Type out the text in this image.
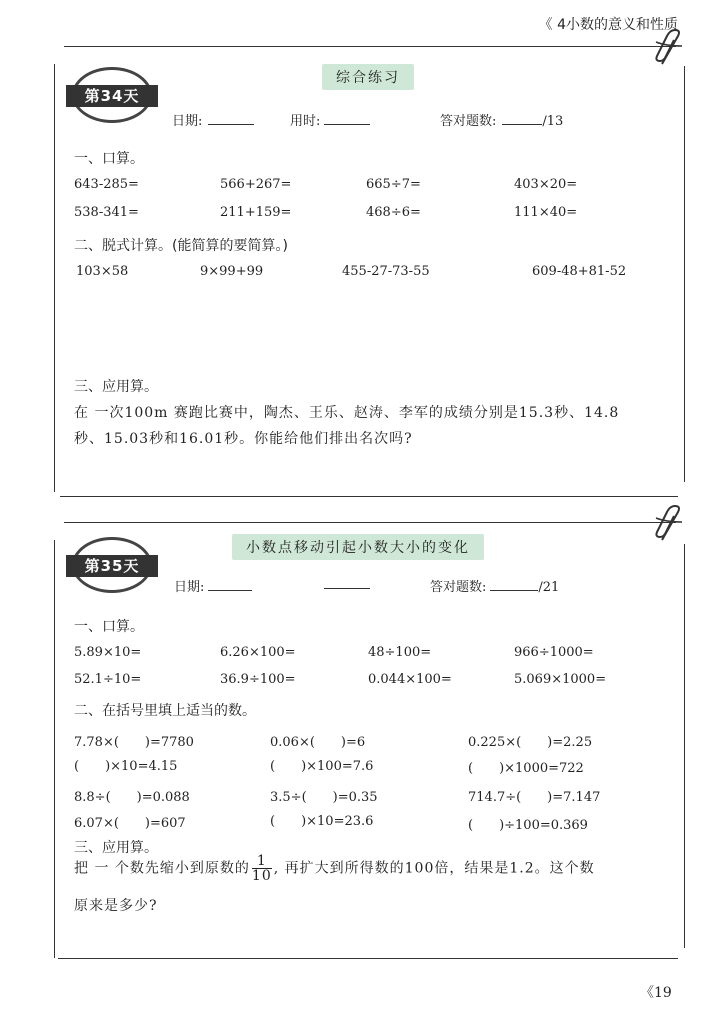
《 4小数的意义和性质
第34天
综合练习
日期:	用时:	答对题数:	/13
一、口算。
643-285=	566+267=	665÷7=	403×20=
538-341=	211+159=	468÷6=	111×40=
二、脱式计算。(能简算的要简算。)
103×58	9×99+99	455-27-73-55	609-48+81-52
三、应用算。
在 一次100m 赛跑比赛中，陶杰、王乐、赵涛、李军的成绩分别是15.3秒、14.8
秒、15.03秒和16.01秒。你能给他们排出名次吗?
第35天
小数点移动引起小数大小的变化
日期:	答对题数:	/21
一、口算。
5.89×10=	6.26×100=	48÷100=	966÷1000=
52.1÷10=	36.9÷100=	0.044×100=	5.069×1000=
二、在括号里填上适当的数。
7.78×(　　)=7780	0.06×(　　)=6	0.225×(　　)=2.25
(　　)×10=4.15	(　　)×100=7.6	(　　)×1000=722
8.8÷(　　)=0.088	3.5÷(　　)=0.35	714.7÷(　　)=7.147
6.07×(　　)=607	(　　)×10=23.6	(　　)÷100=0.369
三、应用算。
把 一 个数先缩小到原数的 $\frac{1}{10}$ , 再扩大到所得数的100倍，结果是1.2。这个数
原来是多少?
《19
